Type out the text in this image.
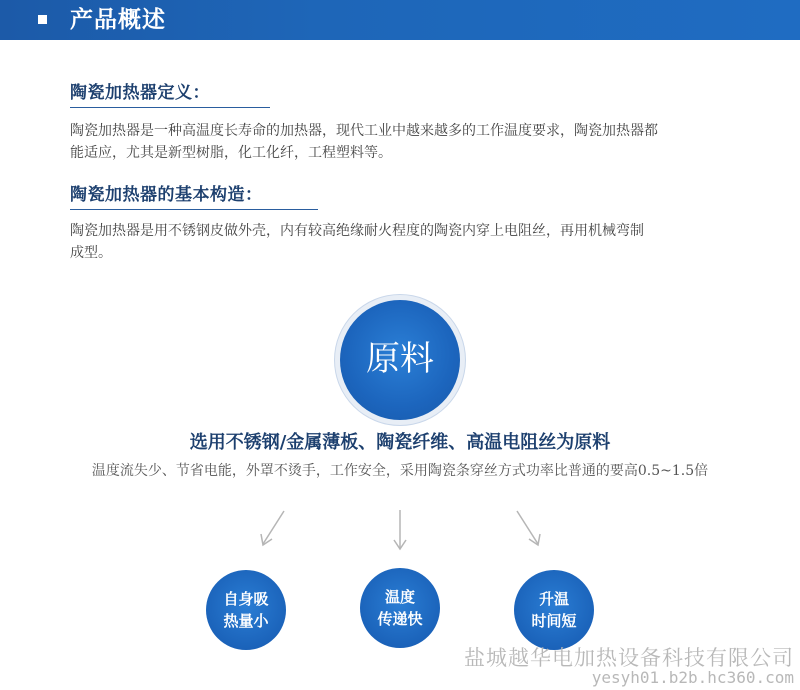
产品概述
陶瓷加热器定义：
陶瓷加热器是一种高温度长寿命的加热器，现代工业中越来越多的工作温度要求，陶瓷加热器都
能适应，尤其是新型树脂，化工化纤，工程塑料等。
陶瓷加热器的基本构造：
陶瓷加热器是用不锈钢皮做外壳，内有较高绝缘耐火程度的陶瓷内穿上电阻丝，再用机械弯制
成型。
原料
选用不锈钢/金属薄板、陶瓷纤维、高温电阻丝为原料
温度流失少、节省电能，外罩不烫手，工作安全，采用陶瓷条穿丝方式功率比普通的要高0.5~1.5倍
自身吸
热量小
温度
传递快
升温
时间短
盐城越华电加热设备科技有限公司
yesyh01.b2b.hc360.com
